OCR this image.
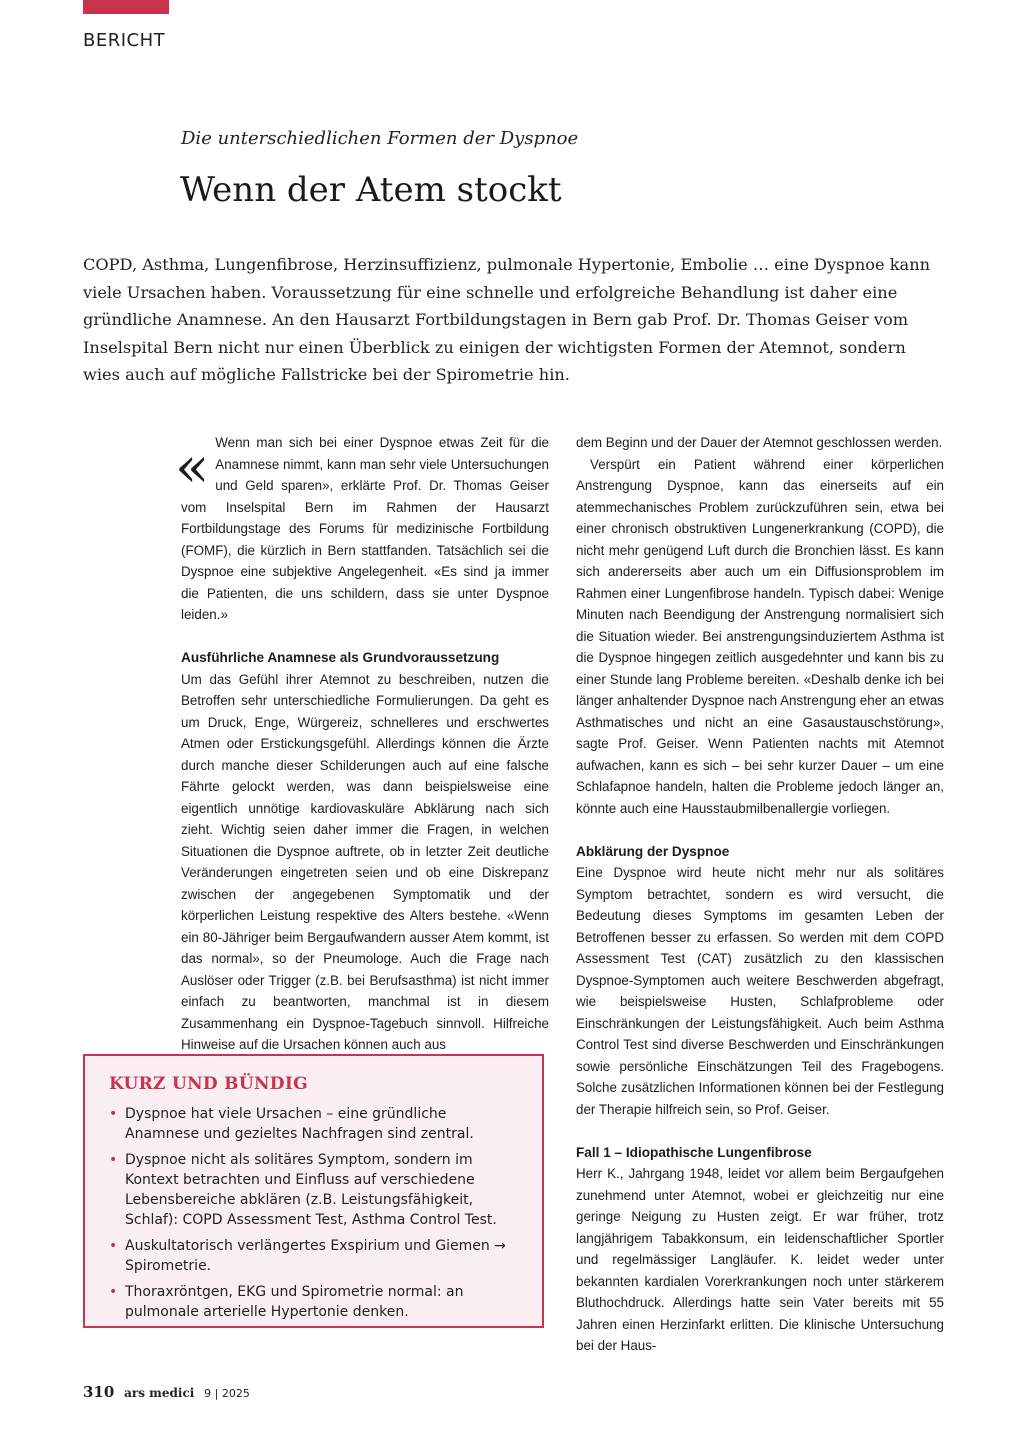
BERICHT
Die unterschiedlichen Formen der Dyspnoe
Wenn der Atem stockt

COPD, Asthma, Lungenfibrose, Herzinsuffizienz, pulmonale Hypertonie, Embolie … eine Dyspnoe kann viele Ursachen haben. Voraussetzung für eine schnelle und erfolgreiche Behandlung ist daher eine gründliche Anamnese. An den Hausarzt Fortbildungstagen in Bern gab Prof. Dr. Thomas Geiser vom Inselspital Bern nicht nur einen Überblick zu einigen der wichtigsten Formen der Atemnot, sondern wies auch auf mögliche Fallstricke bei der Spirometrie hin.

« Wenn man sich bei einer Dyspnoe etwas Zeit für die Anamnese nimmt, kann man sehr viele Untersuchungen und Geld sparen», erklärte Prof. Dr. Thomas Geiser vom Inselspital Bern im Rahmen der Hausarzt Fortbildungstage des Forums für medizinische Fortbildung (FOMF), die kürzlich in Bern stattfanden. Tatsächlich sei die Dyspnoe eine subjektive Angelegenheit. «Es sind ja immer die Patienten, die uns schildern, dass sie unter Dyspnoe leiden.»

Ausführliche Anamnese als Grundvoraussetzung

Um das Gefühl ihrer Atemnot zu beschreiben, nutzen die Betroffen sehr unterschiedliche Formulierungen. Da geht es um Druck, Enge, Würgereiz, schnelleres und erschwertes Atmen oder Erstickungsgefühl. Allerdings können die Ärzte durch manche dieser Schilderungen auch auf eine falsche Fährte gelockt werden, was dann beispielsweise eine eigentlich unnötige kardiovaskuläre Abklärung nach sich zieht. Wichtig seien daher immer die Fragen, in welchen Situationen die Dyspnoe auftrete, ob in letzter Zeit deutliche Veränderungen eingetreten seien und ob eine Diskrepanz zwischen der angegebenen Symptomatik und der körperlichen Leistung respektive des Alters bestehe. «Wenn ein 80-Jähriger beim Bergaufwandern ausser Atem kommt, ist das normal», so der Pneumologe. Auch die Frage nach Auslöser oder Trigger (z.B. bei Berufsasthma) ist nicht immer einfach zu beantworten, manchmal ist in diesem Zusammenhang ein Dyspnoe-Tagebuch sinnvoll. Hilfreiche Hinweise auf die Ursachen können auch aus

dem Beginn und der Dauer der Atemnot geschlossen werden.

Verspürt ein Patient während einer körperlichen Anstrengung Dyspnoe, kann das einerseits auf ein atemmechanisches Problem zurückzuführen sein, etwa bei einer chronisch obstruktiven Lungenerkrankung (COPD), die nicht mehr genügend Luft durch die Bronchien lässt. Es kann sich andererseits aber auch um ein Diffusionsproblem im Rahmen einer Lungenfibrose handeln. Typisch dabei: Wenige Minuten nach Beendigung der Anstrengung normalisiert sich die Situation wieder. Bei anstrengungsinduziertem Asthma ist die Dyspnoe hingegen zeitlich ausgedehnter und kann bis zu einer Stunde lang Probleme bereiten. «Deshalb denke ich bei länger anhaltender Dyspnoe nach Anstrengung eher an etwas Asthmatisches und nicht an eine Gasaustauschstörung», sagte Prof. Geiser. Wenn Patienten nachts mit Atemnot aufwachen, kann es sich – bei sehr kurzer Dauer – um eine Schlafapnoe handeln, halten die Probleme jedoch länger an, könnte auch eine Hausstaubmilbenallergie vorliegen.

Abklärung der Dyspnoe

Eine Dyspnoe wird heute nicht mehr nur als solitäres Symptom betrachtet, sondern es wird versucht, die Bedeutung dieses Symptoms im gesamten Leben der Betroffenen besser zu erfassen. So werden mit dem COPD Assessment Test (CAT) zusätzlich zu den klassischen Dyspnoe-Symptomen auch weitere Beschwerden abgefragt, wie beispielsweise Husten, Schlafprobleme oder Einschränkungen der Leistungsfähigkeit. Auch beim Asthma Control Test sind diverse Beschwerden und Einschränkungen sowie persönliche Einschätzungen Teil des Fragebogens. Solche zusätzlichen Informationen können bei der Festlegung der Therapie hilfreich sein, so Prof. Geiser.

Fall 1 – Idiopathische Lungenfibrose

Herr K., Jahrgang 1948, leidet vor allem beim Bergaufgehen zunehmend unter Atemnot, wobei er gleichzeitig nur eine geringe Neigung zu Husten zeigt. Er war früher, trotz langjährigem Tabakkonsum, ein leidenschaftlicher Sportler und regelmässiger Langläufer. K. leidet weder unter bekannten kardialen Vorerkrankungen noch unter stärkerem Bluthochdruck. Allerdings hatte sein Vater bereits mit 55 Jahren einen Herzinfarkt erlitten. Die klinische Untersuchung bei der Haus-

KURZ UND BÜNDIG
• Dyspnoe hat viele Ursachen – eine gründliche Anamnese und gezieltes Nachfragen sind zentral.
• Dyspnoe nicht als solitäres Symptom, sondern im Kontext betrachten und Einfluss auf verschiedene Lebensbereiche abklären (z.B. Leistungsfähigkeit, Schlaf): COPD Assessment Test, Asthma Control Test.
• Auskultatorisch verlängertes Exspirium und Giemen → Spirometrie.
• Thoraxröntgen, EKG und Spirometrie normal: an pulmonale arterielle Hypertonie denken.
310 ars medici 9 | 2025
